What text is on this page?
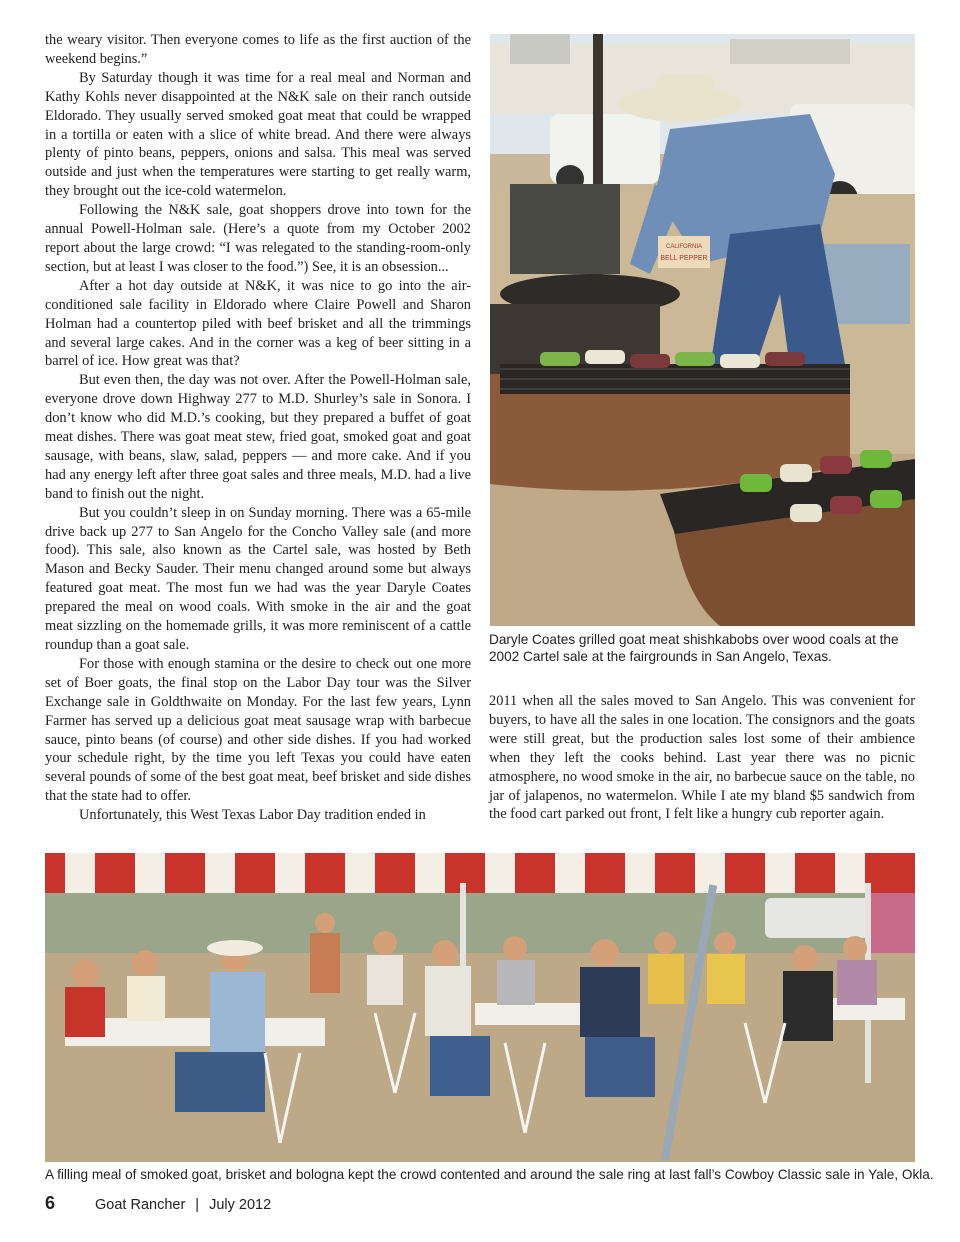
the weary visitor. Then everyone comes to life as the first auction of the weekend begins.”

By Saturday though it was time for a real meal and Norman and Kathy Kohls never disappointed at the N&K sale on their ranch outside Eldorado. They usually served smoked goat meat that could be wrapped in a tortilla or eaten with a slice of white bread. And there were always plenty of pinto beans, peppers, onions and salsa. This meal was served outside and just when the temperatures were starting to get really warm, they brought out the ice-cold watermelon.

Following the N&K sale, goat shoppers drove into town for the annual Powell-Holman sale. (Here’s a quote from my October 2002 report about the large crowd: “I was relegated to the standing-room-only section, but at least I was closer to the food.”) See, it is an obsession...

After a hot day outside at N&K, it was nice to go into the air-conditioned sale facility in Eldorado where Claire Powell and Sharon Holman had a countertop piled with beef brisket and all the trimmings and several large cakes. And in the corner was a keg of beer sitting in a barrel of ice. How great was that?

But even then, the day was not over. After the Powell-Holman sale, everyone drove down Highway 277 to M.D. Shurley’s sale in Sonora. I don’t know who did M.D.’s cooking, but they prepared a buffet of goat meat dishes. There was goat meat stew, fried goat, smoked goat and goat sausage, with beans, slaw, salad, peppers — and more cake. And if you had any energy left after three goat sales and three meals, M.D. had a live band to finish out the night.

But you couldn’t sleep in on Sunday morning. There was a 65-mile drive back up 277 to San Angelo for the Concho Valley sale (and more food). This sale, also known as the Cartel sale, was hosted by Beth Mason and Becky Sauder. Their menu changed around some but always featured goat meat. The most fun we had was the year Daryle Coates prepared the meal on wood coals. With smoke in the air and the goat meat sizzling on the homemade grills, it was more reminiscent of a cattle roundup than a goat sale.

For those with enough stamina or the desire to check out one more set of Boer goats, the final stop on the Labor Day tour was the Silver Exchange sale in Goldthwaite on Monday. For the last few years, Lynn Farmer has served up a delicious goat meat sausage wrap with barbecue sauce, pinto beans (of course) and other side dishes. If you had worked your schedule right, by the time you left Texas you could have eaten several pounds of some of the best goat meat, beef brisket and side dishes that the state had to offer.

Unfortunately, this West Texas Labor Day tradition ended in

CALIFORNIA
BELL PEPPER
Daryle Coates grilled goat meat shishkabobs over wood coals at the 2002 Cartel sale at the fairgrounds in San Angelo, Texas.

2011 when all the sales moved to San Angelo. This was convenient for buyers, to have all the sales in one location. The consignors and the goats were still great, but the production sales lost some of their ambience when they left the cooks behind. Last year there was no picnic atmosphere, no wood smoke in the air, no barbecue sauce on the table, no jar of jalapenos, no watermelon. While I ate my bland $5 sandwich from the food cart parked out front, I felt like a hungry cub reporter again.

A filling meal of smoked goat, brisket and bologna kept the crowd contented and around the sale ring at last fall’s Cowboy Classic sale in Yale, Okla.
6	Goat Rancher | July 2012
